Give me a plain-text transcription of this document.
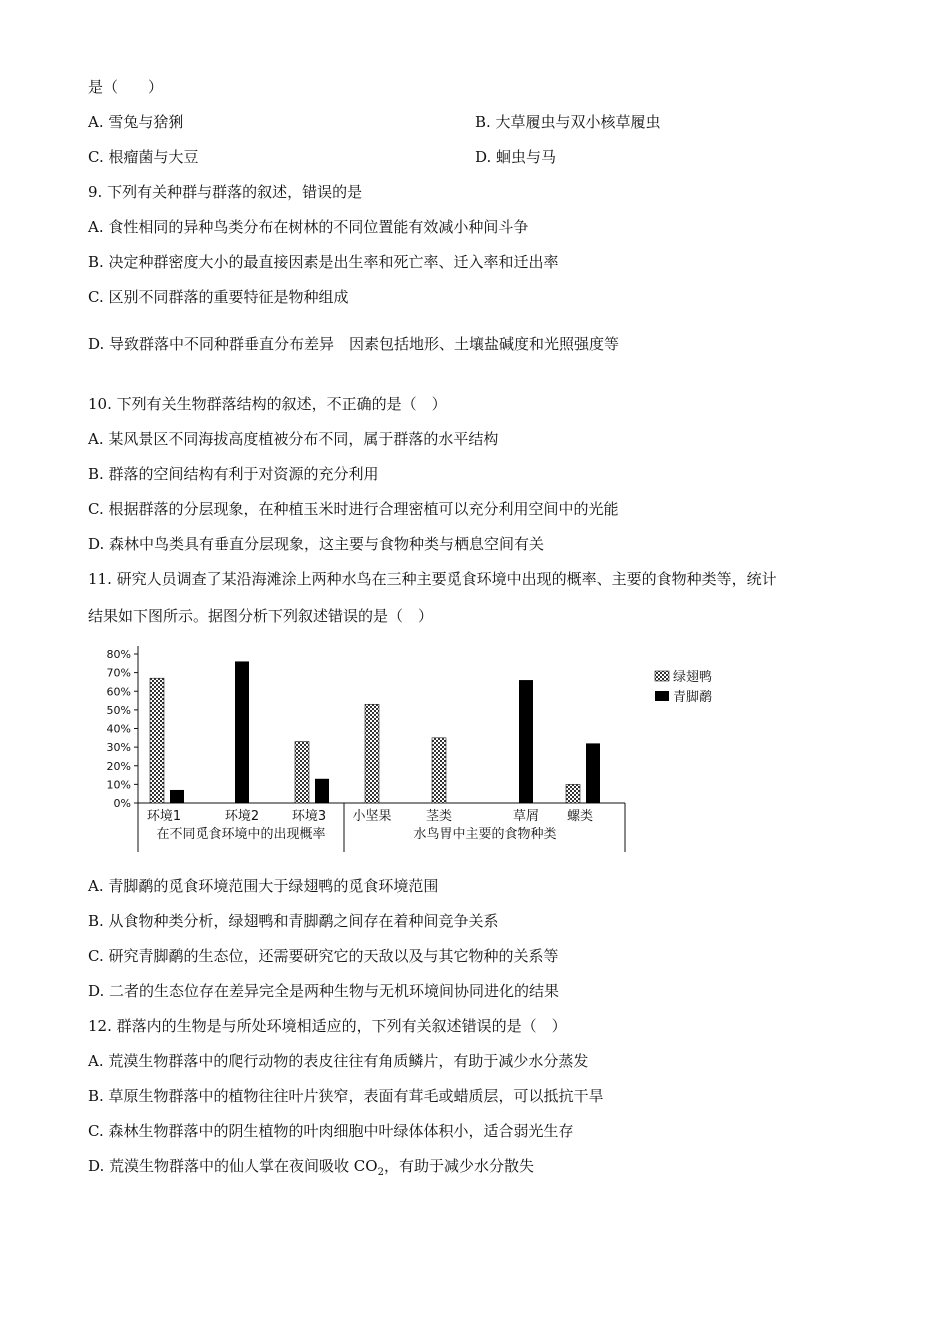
是（　　）
A. 雪兔与猞猁	B. 大草履虫与双小核草履虫
C. 根瘤菌与大豆	D. 蛔虫与马
9. 下列有关种群与群落的叙述，错误的是
A. 食性相同的异种鸟类分布在树林的不同位置能有效减小种间斗争
B. 决定种群密度大小的最直接因素是出生率和死亡率、迁入率和迁出率
C. 区别不同群落的重要特征是物种组成
D. 导致群落中不同种群垂直分布差异　因素包括地形、土壤盐碱度和光照强度等
10. 下列有关生物群落结构的叙述，不正确的是（　）
A. 某风景区不同海拔高度植被分布不同，属于群落的水平结构
B. 群落的空间结构有利于对资源的充分利用
C. 根据群落的分层现象，在种植玉米时进行合理密植可以充分利用空间中的光能
D. 森林中鸟类具有垂直分层现象，这主要与食物种类与栖息空间有关
11. 研究人员调查了某沿海滩涂上两种水鸟在三种主要觅食环境中出现的概率、主要的食物种类等，统计
结果如下图所示。据图分析下列叙述错误的是（　）
0%
10%
20%
30%
40%
50%
60%
70%
80%
环境1	环境2	环境3 小坚果	茎类	草屑 螺类
在不同觅食环境中的出现概率	水鸟胃中主要的食物种类
绿翅鸭
青脚鹬
A. 青脚鹬的觅食环境范围大于绿翅鸭的觅食环境范围
B. 从食物种类分析，绿翅鸭和青脚鹬之间存在着种间竞争关系
C. 研究青脚鹬的生态位，还需要研究它的天敌以及与其它物种的关系等
D. 二者的生态位存在差异完全是两种生物与无机环境间协同进化的结果
12. 群落内的生物是与所处环境相适应的，下列有关叙述错误的是（　）
A. 荒漠生物群落中的爬行动物的表皮往往有角质鳞片，有助于减少水分蒸发
B. 草原生物群落中的植物往往叶片狭窄，表面有茸毛或蜡质层，可以抵抗干旱
C. 森林生物群落中的阴生植物的叶肉细胞中叶绿体体积小，适合弱光生存
D. 荒漠生物群落中的仙人掌在夜间吸收 $CO_2$，有助于减少水分散失
